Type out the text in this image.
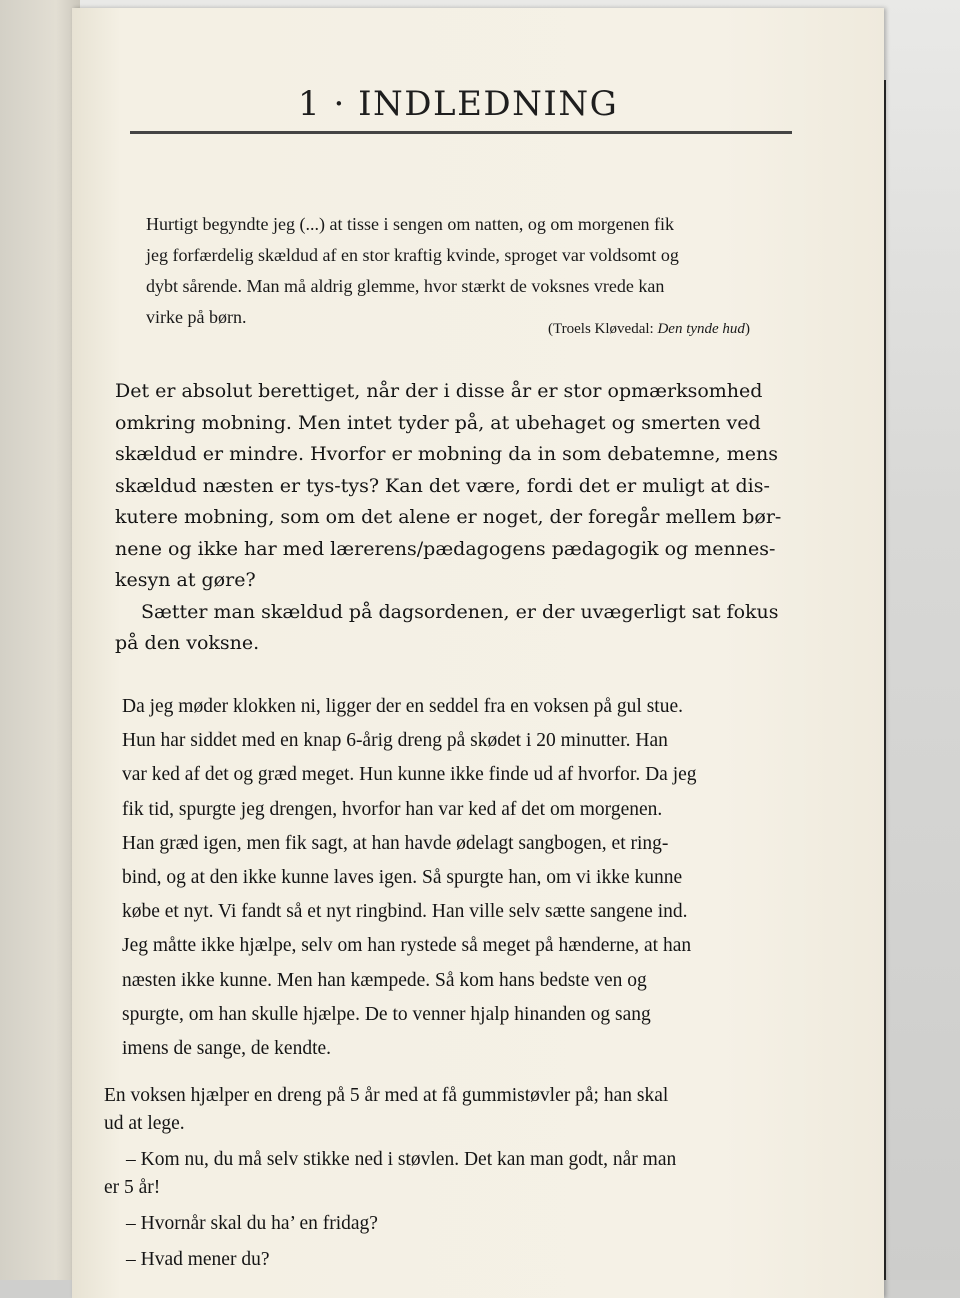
1 · INDLEDNING

Hurtigt begyndte jeg (...) at tisse i sengen om natten, og om morgenen fik

jeg forfærdelig skældud af en stor kraftig kvinde, sproget var voldsomt og

dybt sårende. Man må aldrig glemme, hvor stærkt de voksnes vrede kan

virke på børn.

(Troels Kløvedal: Den tynde hud)

Det er absolut berettiget, når der i disse år er stor opmærksomhed

omkring mobning. Men intet tyder på, at ubehaget og smerten ved

skældud er mindre. Hvorfor er mobning da in som debatemne, mens

skældud næsten er tys-tys? Kan det være, fordi det er muligt at dis-

kutere mobning, som om det alene er noget, der foregår mellem bør-

nene og ikke har med lærerens/pædagogens pædagogik og mennes-

kesyn at gøre?

Sætter man skældud på dagsordenen, er der uvægerligt sat fokus

på den voksne.

Da jeg møder klokken ni, ligger der en seddel fra en voksen på gul stue.

Hun har siddet med en knap 6-årig dreng på skødet i 20 minutter. Han

var ked af det og græd meget. Hun kunne ikke finde ud af hvorfor. Da jeg

fik tid, spurgte jeg drengen, hvorfor han var ked af det om morgenen.

Han græd igen, men fik sagt, at han havde ødelagt sangbogen, et ring-

bind, og at den ikke kunne laves igen. Så spurgte han, om vi ikke kunne

købe et nyt. Vi fandt så et nyt ringbind. Han ville selv sætte sangene ind.

Jeg måtte ikke hjælpe, selv om han rystede så meget på hænderne, at han

næsten ikke kunne. Men han kæmpede. Så kom hans bedste ven og

spurgte, om han skulle hjælpe. De to venner hjalp hinanden og sang

imens de sange, de kendte.

En voksen hjælper en dreng på 5 år med at få gummistøvler på; han skal

ud at lege.

– Kom nu, du må selv stikke ned i støvlen. Det kan man godt, når man

er 5 år!

– Hvornår skal du ha’ en fridag?

– Hvad mener du?
